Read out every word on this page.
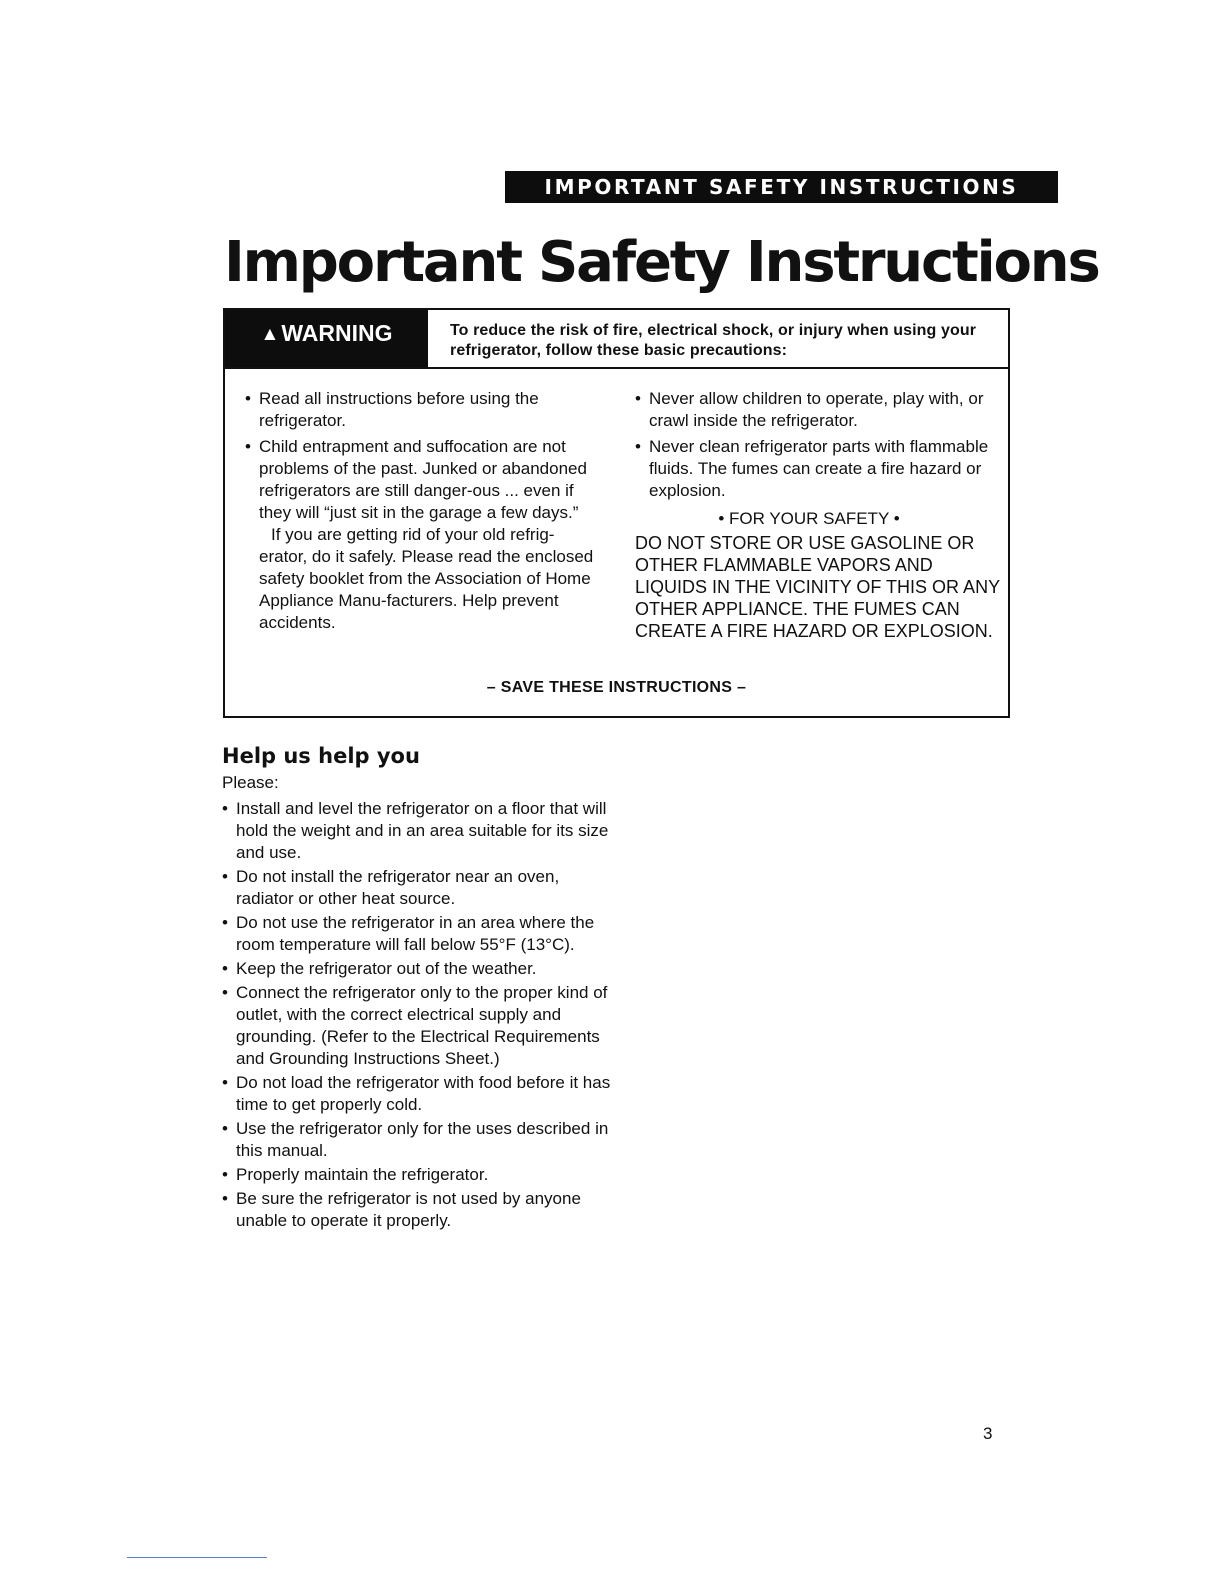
IMPORTANT SAFETY INSTRUCTIONS
Important Safety Instructions
▲WARNING	To reduce the risk of fire, electrical shock, or injury when using your refrigerator, follow these basic precautions:
• Read all instructions before using the refrigerator.
• Child entrapment and suffocation are not problems of the past. Junked or abandoned refrigerators are still danger-ous ... even if they will “just sit in the garage a few days.”
If you are getting rid of your old refrig-erator, do it safely. Please read the enclosed safety booklet from the Association of Home Appliance Manu-facturers. Help prevent accidents.
• Never allow children to operate, play with, or crawl inside the refrigerator.
• Never clean refrigerator parts with flammable fluids. The fumes can create a fire hazard or explosion.
• FOR YOUR SAFETY •
DO NOT STORE OR USE GASOLINE OR OTHER FLAMMABLE VAPORS AND LIQUIDS IN THE VICINITY OF THIS OR ANY OTHER APPLIANCE. THE FUMES CAN CREATE A FIRE HAZARD OR EXPLOSION.
– SAVE THESE INSTRUCTIONS –
Help us help you
Please:
• Install and level the refrigerator on a floor that will hold the weight and in an area suitable for its size and use.
• Do not install the refrigerator near an oven, radiator or other heat source.
• Do not use the refrigerator in an area where the room temperature will fall below 55°F (13°C).
• Keep the refrigerator out of the weather.
• Connect the refrigerator only to the proper kind of outlet, with the correct electrical supply and grounding. (Refer to the Electrical Requirements and Grounding Instructions Sheet.)
• Do not load the refrigerator with food before it has time to get properly cold.
• Use the refrigerator only for the uses described in this manual.
• Properly maintain the refrigerator.
• Be sure the refrigerator is not used by anyone unable to operate it properly.
3
